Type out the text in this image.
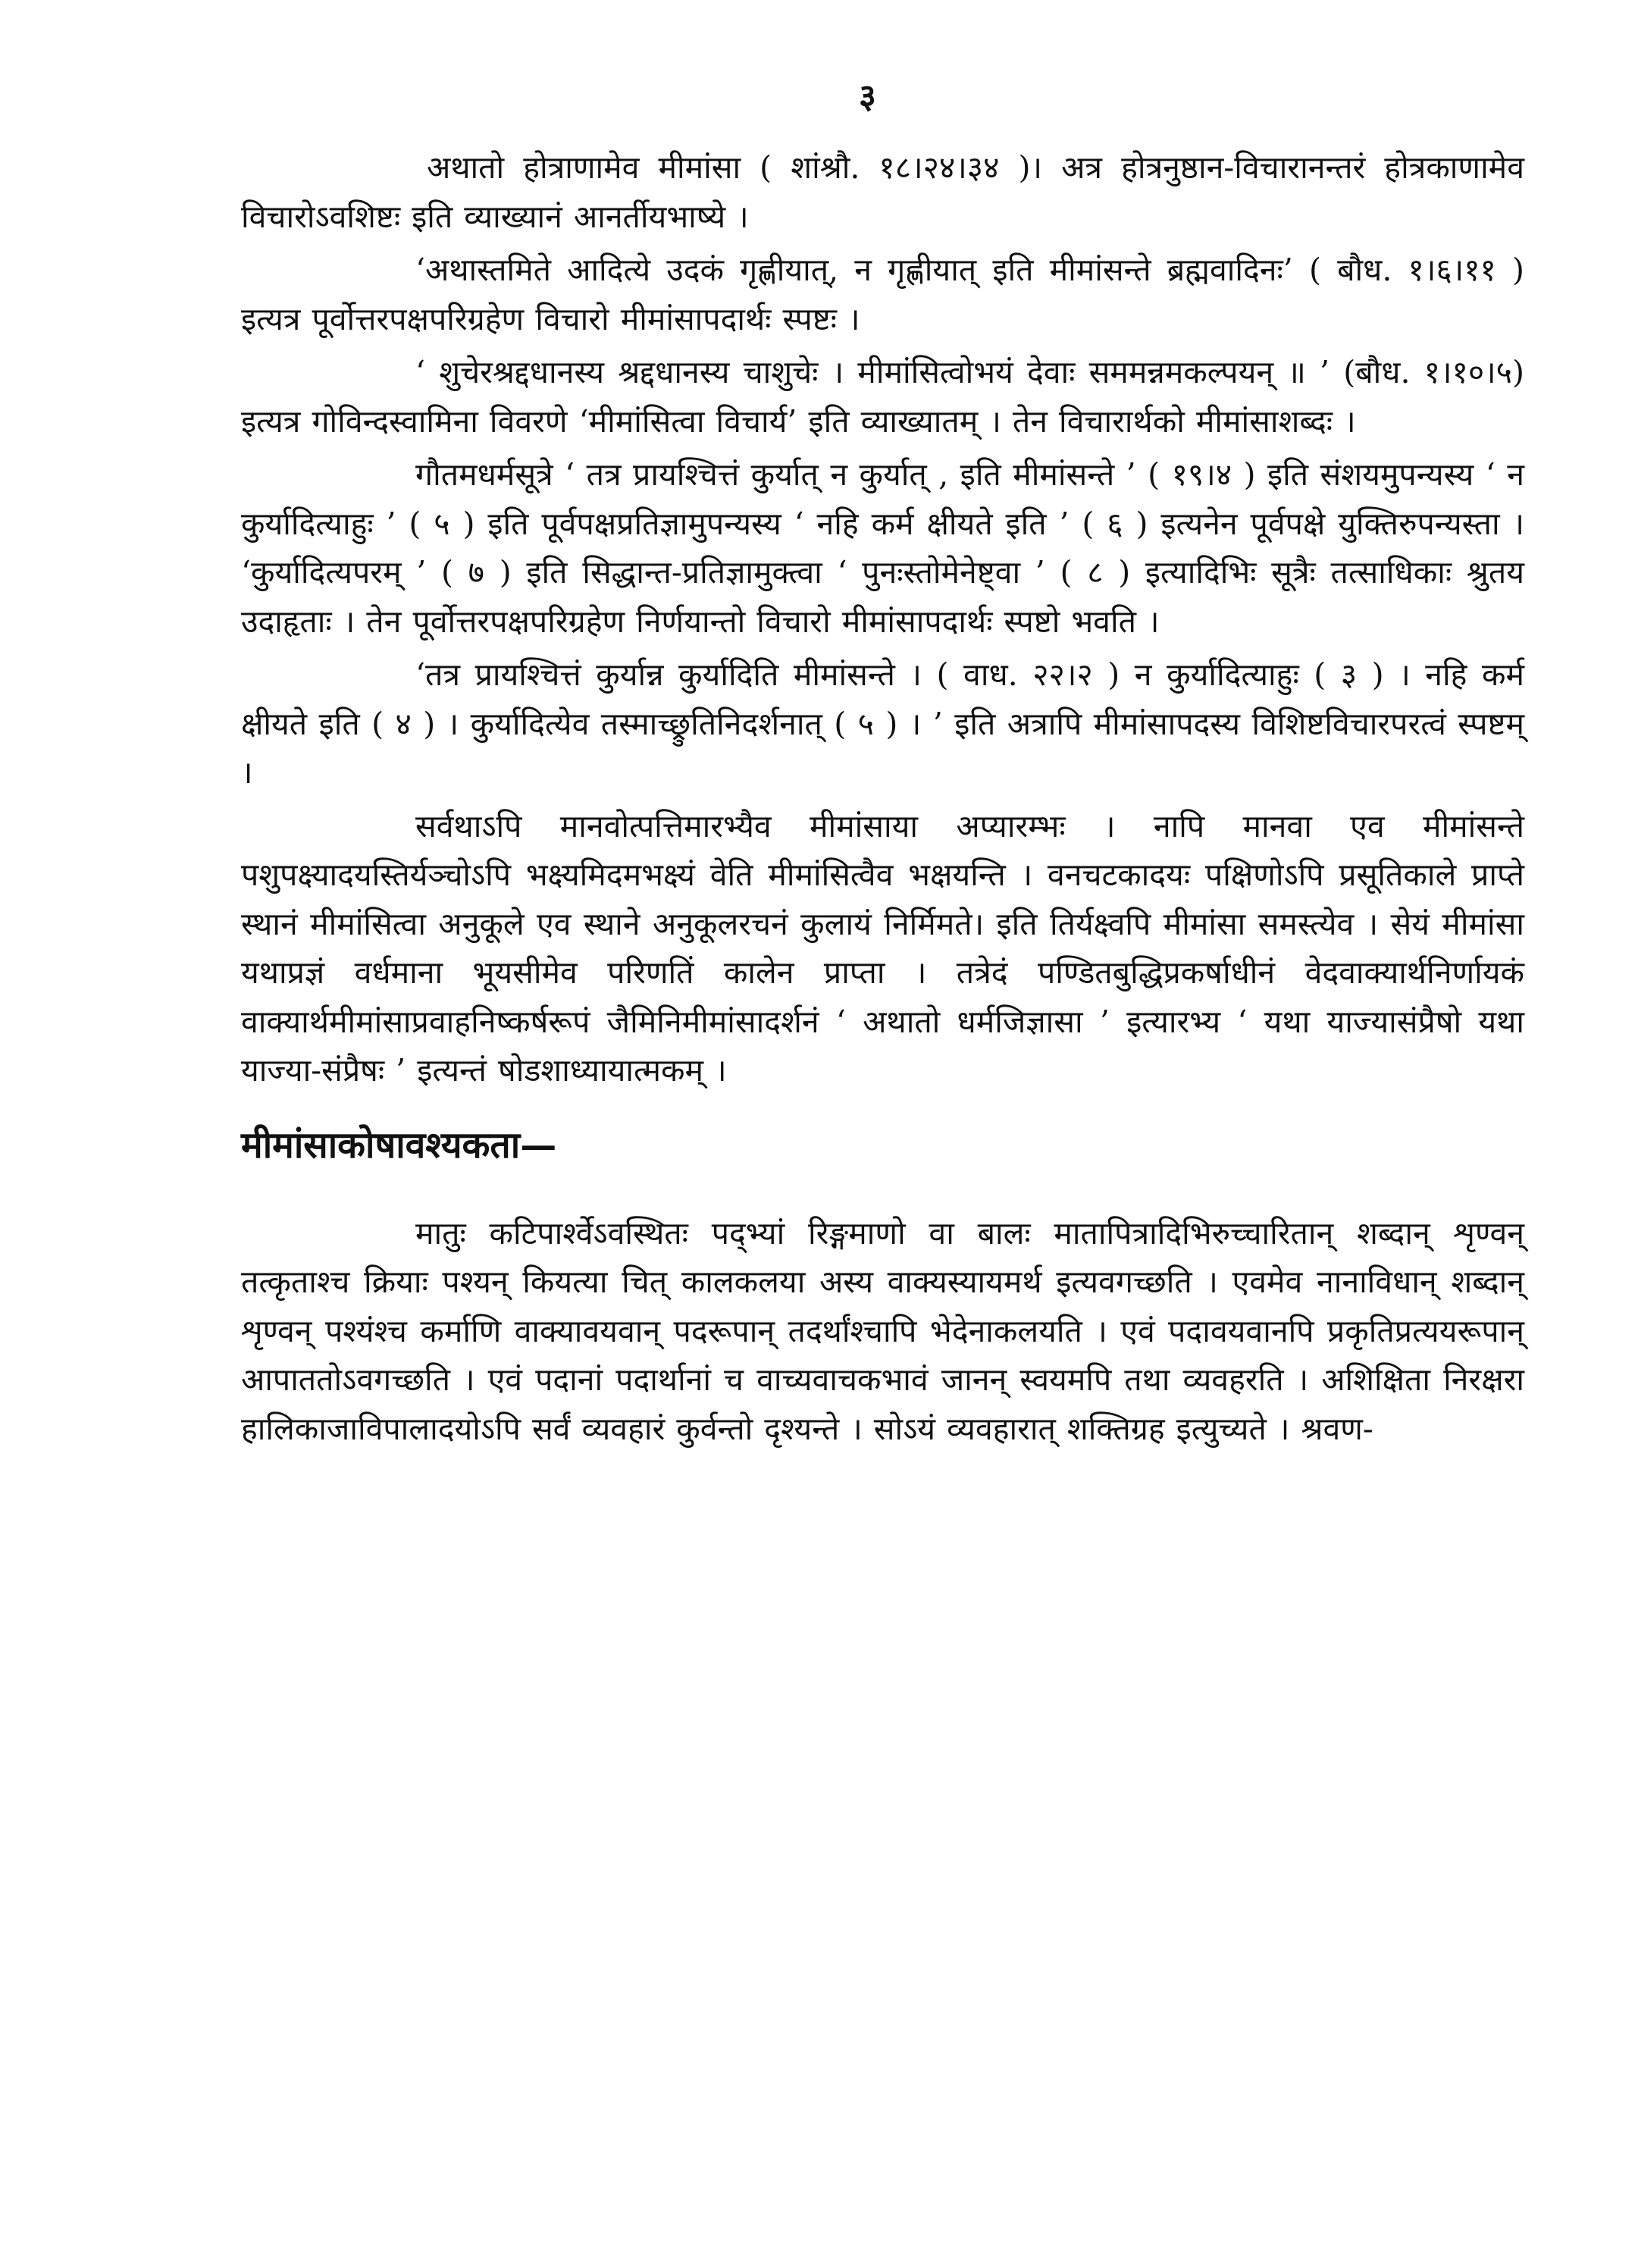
३

अथातो होत्राणामेव मीमांसा ( शांश्रौ. १८।२४।३४ )। अत्र होत्रनुष्ठान-विचारानन्तरं होत्रकाणामेव विचारोऽवशिष्टः इति व्याख्यानं आनर्तीयभाष्ये ।

‘अथास्तमिते आदित्ये उदकं गृह्णीयात्, न गृह्णीयात् इति मीमांसन्ते ब्रह्मवादिनः’ ( बौध. १।६।११ ) इत्यत्र पूर्वोत्तरपक्षपरिग्रहेण विचारो मीमांसापदार्थः स्पष्टः ।

‘ शुचेरश्रद्दधानस्य श्रद्दधानस्य चाशुचेः । मीमांसित्वोभयं देवाः सममन्नमकल्पयन् ॥ ’ (बौध. १।१०।५) इत्यत्र गोविन्दस्वामिना विवरणे ‘मीमांसित्वा विचार्य’ इति व्याख्यातम् । तेन विचारार्थको मीमांसाशब्दः ।

गौतमधर्मसूत्रे ‘ तत्र प्रायश्चित्तं कुर्यात् न कुर्यात् , इति मीमांसन्ते ’ ( १९।४ ) इति संशयमुपन्यस्य ‘ न कुर्यादित्याहुः ’ ( ५ ) इति पूर्वपक्षप्रतिज्ञामुपन्यस्य ‘ नहि कर्म क्षीयते इति ’ ( ६ ) इत्यनेन पूर्वपक्षे युक्तिरुपन्यस्ता । ‘कुर्यादित्यपरम् ’ ( ७ ) इति सिद्धान्त-प्रतिज्ञामुक्त्वा ‘ पुनःस्तोमेनेष्ट्वा ’ ( ८ ) इत्यादिभिः सूत्रैः तत्साधिकाः श्रुतय उदाहृताः । तेन पूर्वोत्तरपक्षपरिग्रहेण निर्णयान्तो विचारो मीमांसापदार्थः स्पष्टो भवति ।

‘तत्र प्रायश्चित्तं कुर्यान्न कुर्यादिति मीमांसन्ते । ( वाध. २२।२ ) न कुर्यादित्याहुः ( ३ ) । नहि कर्म क्षीयते इति ( ४ ) । कुर्यादित्येव तस्माच्छ्रुतिनिदर्शनात् ( ५ ) । ’ इति अत्रापि मीमांसापदस्य विशिष्टविचारपरत्वं स्पष्टम् ।

सर्वथाऽपि मानवोत्पत्तिमारभ्यैव मीमांसाया अप्यारम्भः । नापि मानवा एव मीमांसन्ते पशुपक्ष्यादयस्तिर्यञ्चोऽपि भक्ष्यमिदमभक्ष्यं वेति मीमांसित्वैव भक्षयन्ति । वनचटकादयः पक्षिणोऽपि प्रसूतिकाले प्राप्ते स्थानं मीमांसित्वा अनुकूले एव स्थाने अनुकूलरचनं कुलायं निर्मिमते। इति तिर्यक्ष्वपि मीमांसा समस्त्येव । सेयं मीमांसा यथाप्रज्ञं वर्धमाना भूयसीमेव परिणतिं कालेन प्राप्ता । तत्रेदं पण्डितबुद्धिप्रकर्षाधीनं वेदवाक्यार्थनिर्णायकं वाक्यार्थमीमांसाप्रवाहनिष्कर्षरूपं जैमिनिमीमांसादर्शनं ‘ अथातो धर्मजिज्ञासा ’ इत्यारभ्य ‘ यथा याज्यासंप्रैषो यथा याज्या-संप्रैषः ’ इत्यन्तं षोडशाध्यायात्मकम् ।

मीमांसाकोषावश्यकता—

मातुः कटिपार्श्वेऽवस्थितः पद्भ्यां रिङ्गमाणो वा बालः मातापित्रादिभिरुच्चारितान् शब्दान् शृण्वन् तत्कृताश्च क्रियाः पश्यन् कियत्या चित् कालकलया अस्य वाक्यस्यायमर्थ इत्यवगच्छति । एवमेव नानाविधान् शब्दान् शृण्वन् पश्यंश्च कर्माणि वाक्यावयवान् पदरूपान् तदर्थांश्चापि भेदेनाकलयति । एवं पदावयवानपि प्रकृतिप्रत्ययरूपान् आपाततोऽवगच्छति । एवं पदानां पदार्थानां च वाच्यवाचकभावं जानन् स्वयमपि तथा व्यवहरति । अशिक्षिता निरक्षरा हालिकाजाविपालादयोऽपि सर्वं व्यवहारं कुर्वन्तो दृश्यन्ते । सोऽयं व्यवहारात् शक्तिग्रह इत्युच्यते । श्रवण-
